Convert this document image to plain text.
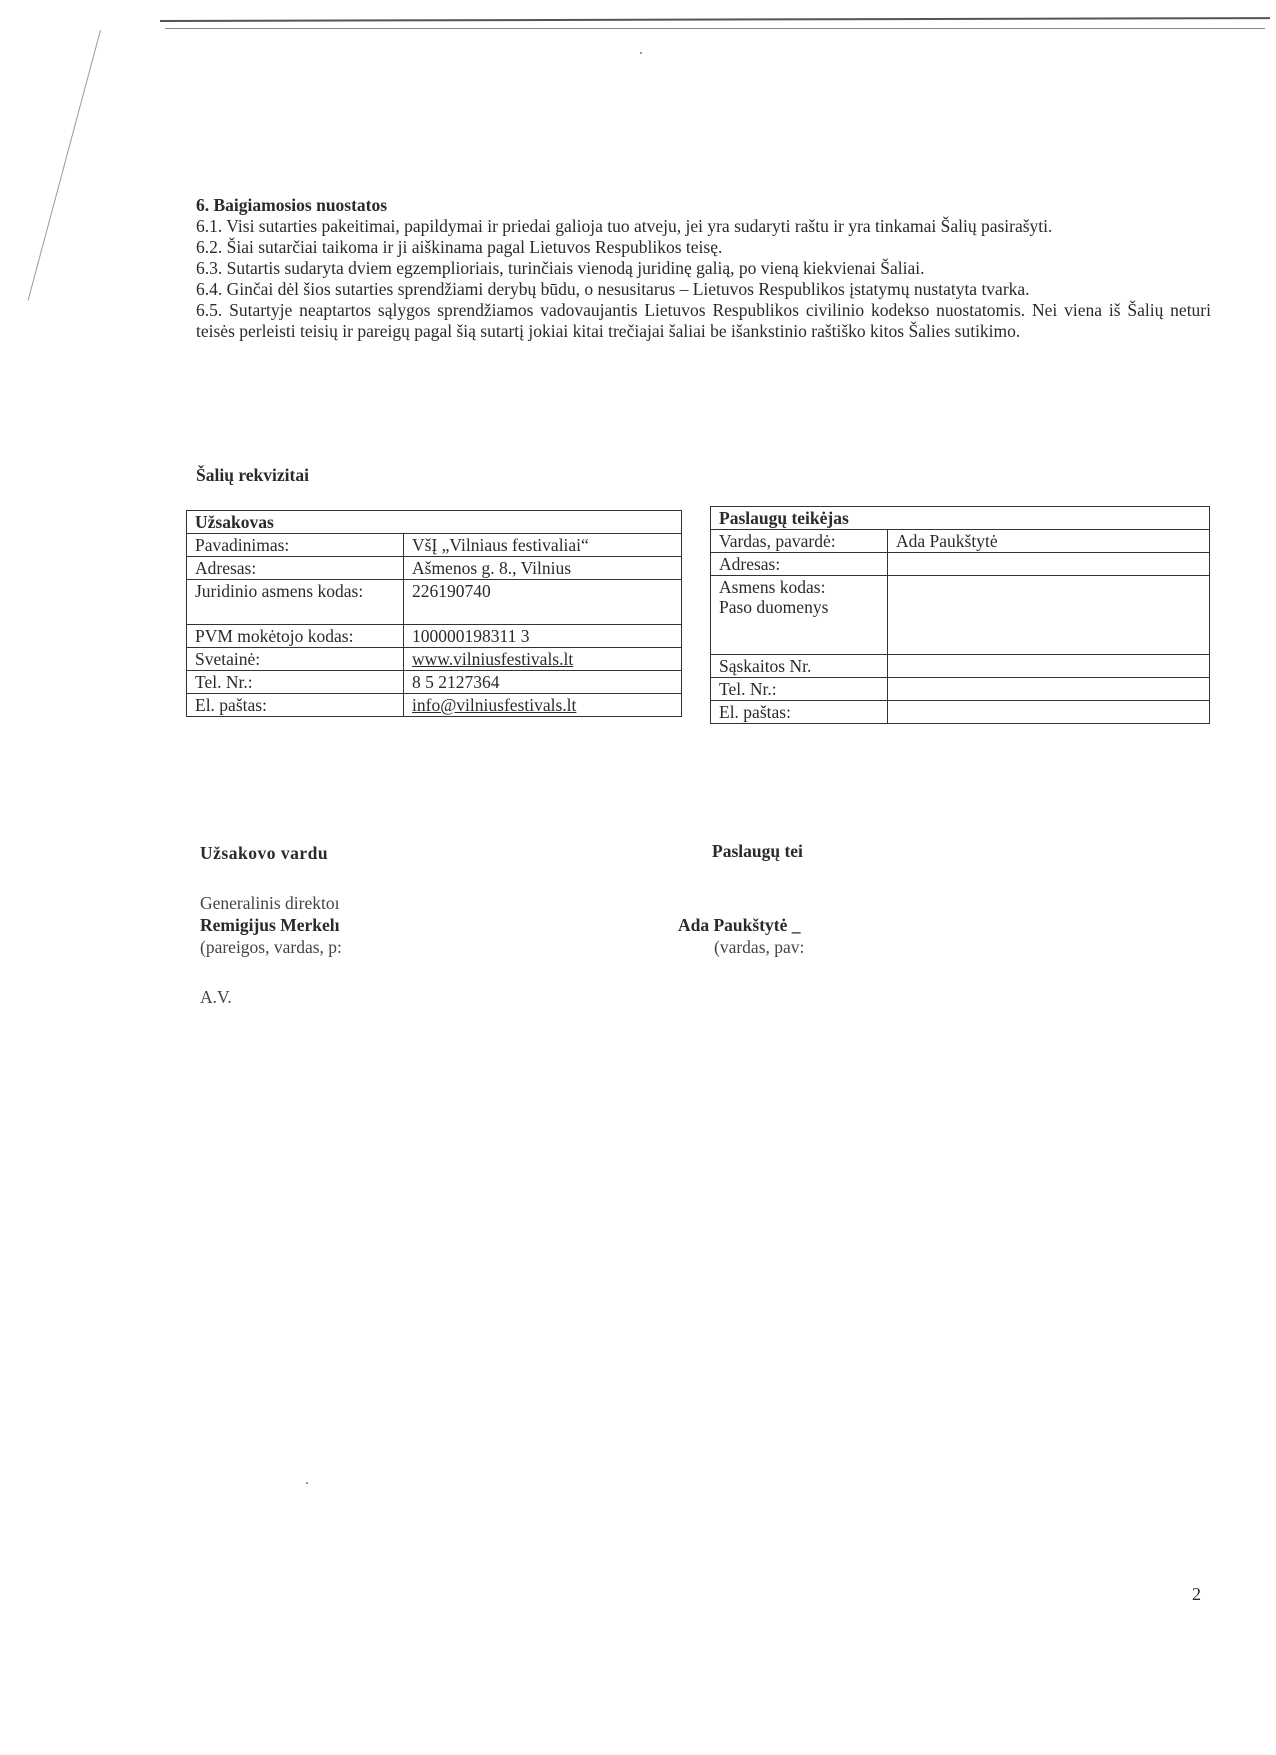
6. Baigiamosios nuostatos

6.1. Visi sutarties pakeitimai, papildymai ir priedai galioja tuo atveju, jei yra sudaryti raštu ir yra tinkamai Šalių pasirašyti.

6.2. Šiai sutarčiai taikoma ir ji aiškinama pagal Lietuvos Respublikos teisę.

6.3. Sutartis sudaryta dviem egzemplioriais, turinčiais vienodą juridinę galią, po vieną kiekvienai Šaliai.

6.4. Ginčai dėl šios sutarties sprendžiami derybų būdu, o nesusitarus – Lietuvos Respublikos įstatymų nustatyta tvarka.

6.5. Sutartyje neaptartos sąlygos sprendžiamos vadovaujantis Lietuvos Respublikos civilinio kodekso nuostatomis. Nei viena iš Šalių neturi teisės perleisti teisių ir pareigų pagal šią sutartį jokiai kitai trečiajai šaliai be išankstinio raštiško kitos Šalies sutikimo.

Šalių rekvizitai
Užsakovas	
Pavadinimas:	VšĮ „Vilniaus festivaliai“
Adresas:	Ašmenos g. 8., Vilnius
Juridinio asmens kodas:	226190740
PVM mokėtojo kodas:	100000198311 3
Svetainė:	www.vilniusfestivals.lt
Tel. Nr.:	8 5 2127364
El. paštas:	info@vilniusfestivals.lt
Paslaugų teikėjas	
Vardas, pavardė:	Ada Paukštytė
Adresas:	
Asmens kodas:
Paso duomenys	
Sąskaitos Nr.	
Tel. Nr.:	
El. paštas:	
Užsakovo vardu
Generalinis direktoı
Remigijus Merkelı
(pareigos, vardas, p:
A.V.
Paslaugų tei
Ada Paukštytė _
(vardas, pav:
2
